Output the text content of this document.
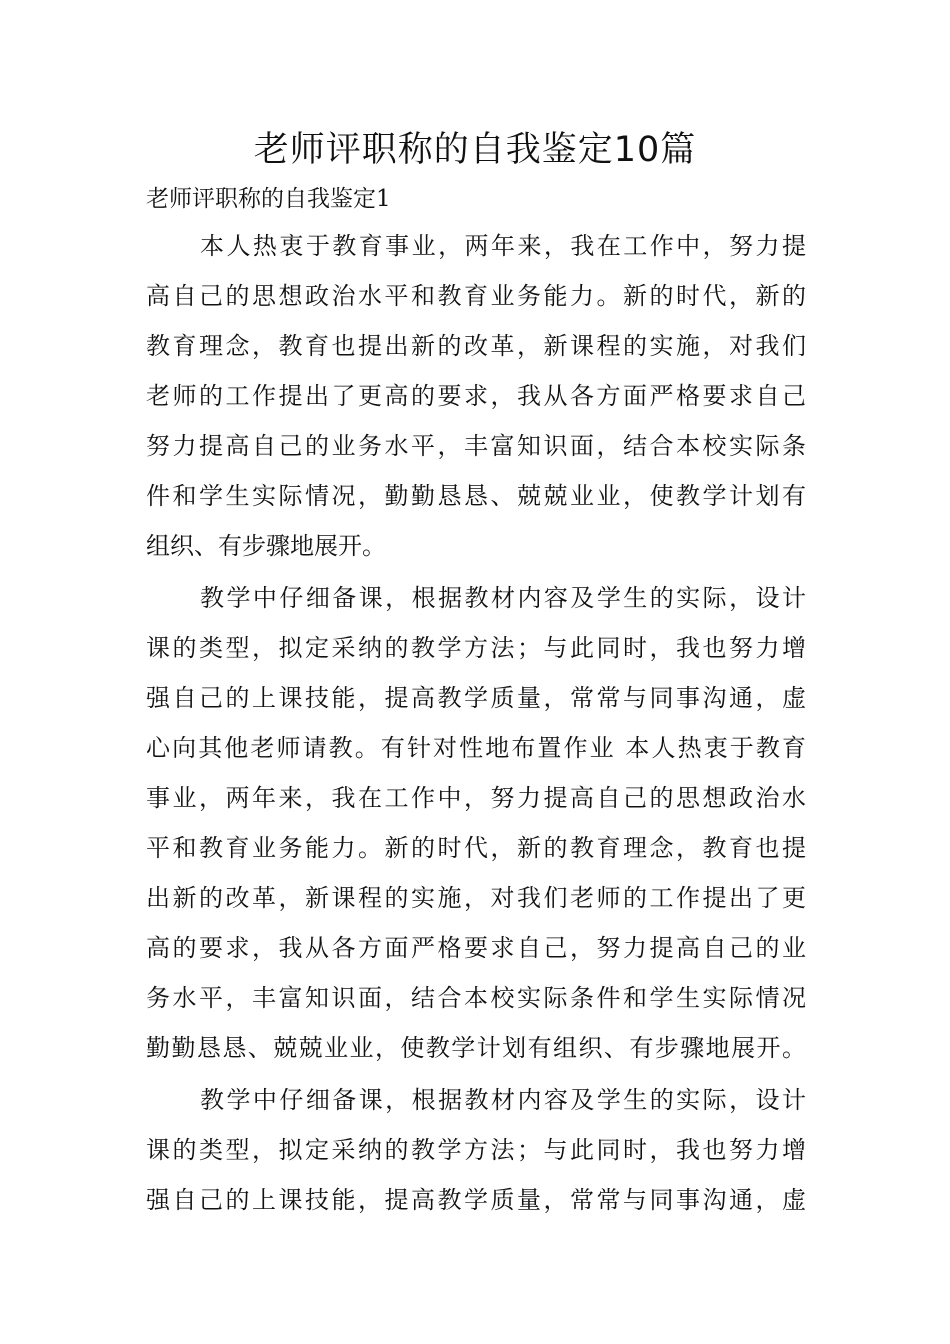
老师评职称的自我鉴定10篇
老师评职称的自我鉴定1
本人热衷于教育事业，两年来，我在工作中，努力提
高自己的思想政治水平和教育业务能力。新的时代，新的
教育理念，教育也提出新的改革，新课程的实施，对我们
老师的工作提出了更高的要求，我从各方面严格要求自己
努力提高自己的业务水平，丰富知识面，结合本校实际条
件和学生实际情况，勤勤恳恳、兢兢业业，使教学计划有
组织、有步骤地展开。
教学中仔细备课，根据教材内容及学生的实际，设计
课的类型，拟定采纳的教学方法；与此同时，我也努力增
强自己的上课技能，提高教学质量，常常与同事沟通，虚
心向其他老师请教。有针对性地布置作业 本人热衷于教育
事业，两年来，我在工作中，努力提高自己的思想政治水
平和教育业务能力。新的时代，新的教育理念，教育也提
出新的改革，新课程的实施，对我们老师的工作提出了更
高的要求，我从各方面严格要求自己，努力提高自己的业
务水平，丰富知识面，结合本校实际条件和学生实际情况
勤勤恳恳、兢兢业业，使教学计划有组织、有步骤地展开。
教学中仔细备课，根据教材内容及学生的实际，设计
课的类型，拟定采纳的教学方法；与此同时，我也努力增
强自己的上课技能，提高教学质量，常常与同事沟通，虚
